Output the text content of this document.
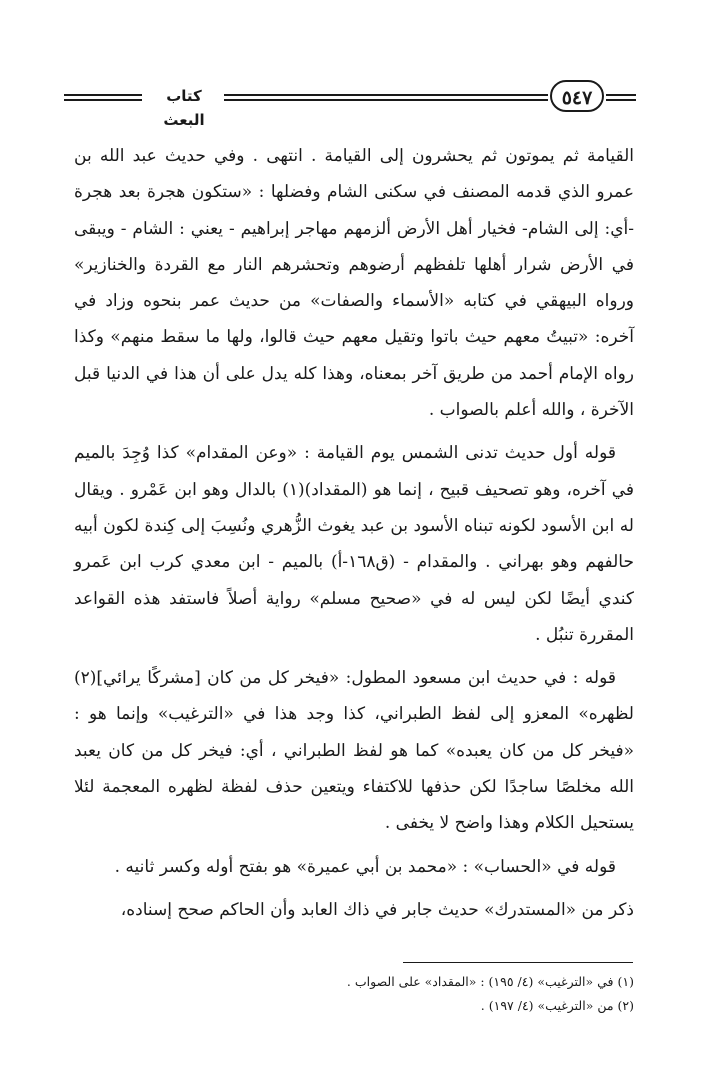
كتاب البعث
٥٤٧

القيامة ثم يموتون ثم يحشرون إلى القيامة . انتهى . وفي حديث عبد الله بن عمرو الذي قدمه المصنف في سكنى الشام وفضلها : «ستكون هجرة بعد هجرة -أي: إلى الشام- فخيار أهل الأرض ألزمهم مهاجر إبراهيم - يعني : الشام - ويبقى في الأرض شرار أهلها تلفظهم أرضوهم وتحشرهم النار مع القردة والخنازير» ورواه البيهقي في كتابه «الأسماء والصفات» من حديث عمر بنحوه وزاد في آخره: «تبيتُ معهم حيث باتوا وتقيل معهم حيث قالوا، ولها ما سقط منهم» وكذا رواه الإمام أحمد من طريق آخر بمعناه، وهذا كله يدل على أن هذا في الدنيا قبل الآخرة ، والله أعلم بالصواب .

قوله أول حديث تدنى الشمس يوم القيامة : «وعن المقدام» كذا وُجِدَ بالميم في آخره، وهو تصحيف قبيح ، إنما هو (المقداد)(١) بالدال وهو ابن عَمْرو . ويقال له ابن الأسود لكونه تبناه الأسود بن عبد يغوث الزُّهري ونُسِبَ إلى كِندة لكون أبيه حالفهم وهو بهراني . والمقدام - (ق١٦٨-أ) بالميم - ابن معدي كرب ابن عَمرو كندي أيضًا لكن ليس له في «صحيح مسلم» رواية أصلاً فاستفد هذه القواعد المقررة تنبُل .

قوله : في حديث ابن مسعود المطول: «فيخر كل من كان [مشركًا يرائي](٢) لظهره» المعزو إلى لفظ الطبراني، كذا وجد هذا في «الترغيب» وإنما هو : «فيخر كل من كان يعبده» كما هو لفظ الطبراني ، أي: فيخر كل من كان يعبد الله مخلصًا ساجدًا لكن حذفها للاكتفاء ويتعين حذف لفظة لظهره المعجمة لئلا يستحيل الكلام وهذا واضح لا يخفى .

قوله في «الحساب» : «محمد بن أبي عميرة» هو بفتح أوله وكسر ثانيه .

ذكر من «المستدرك» حديث جابر في ذاك العابد وأن الحاكم صحح إسناده،

(١) في «الترغيب» (٤/ ١٩٥) : «المقداد» على الصواب .
(٢) من «الترغيب» (٤/ ١٩٧) .
